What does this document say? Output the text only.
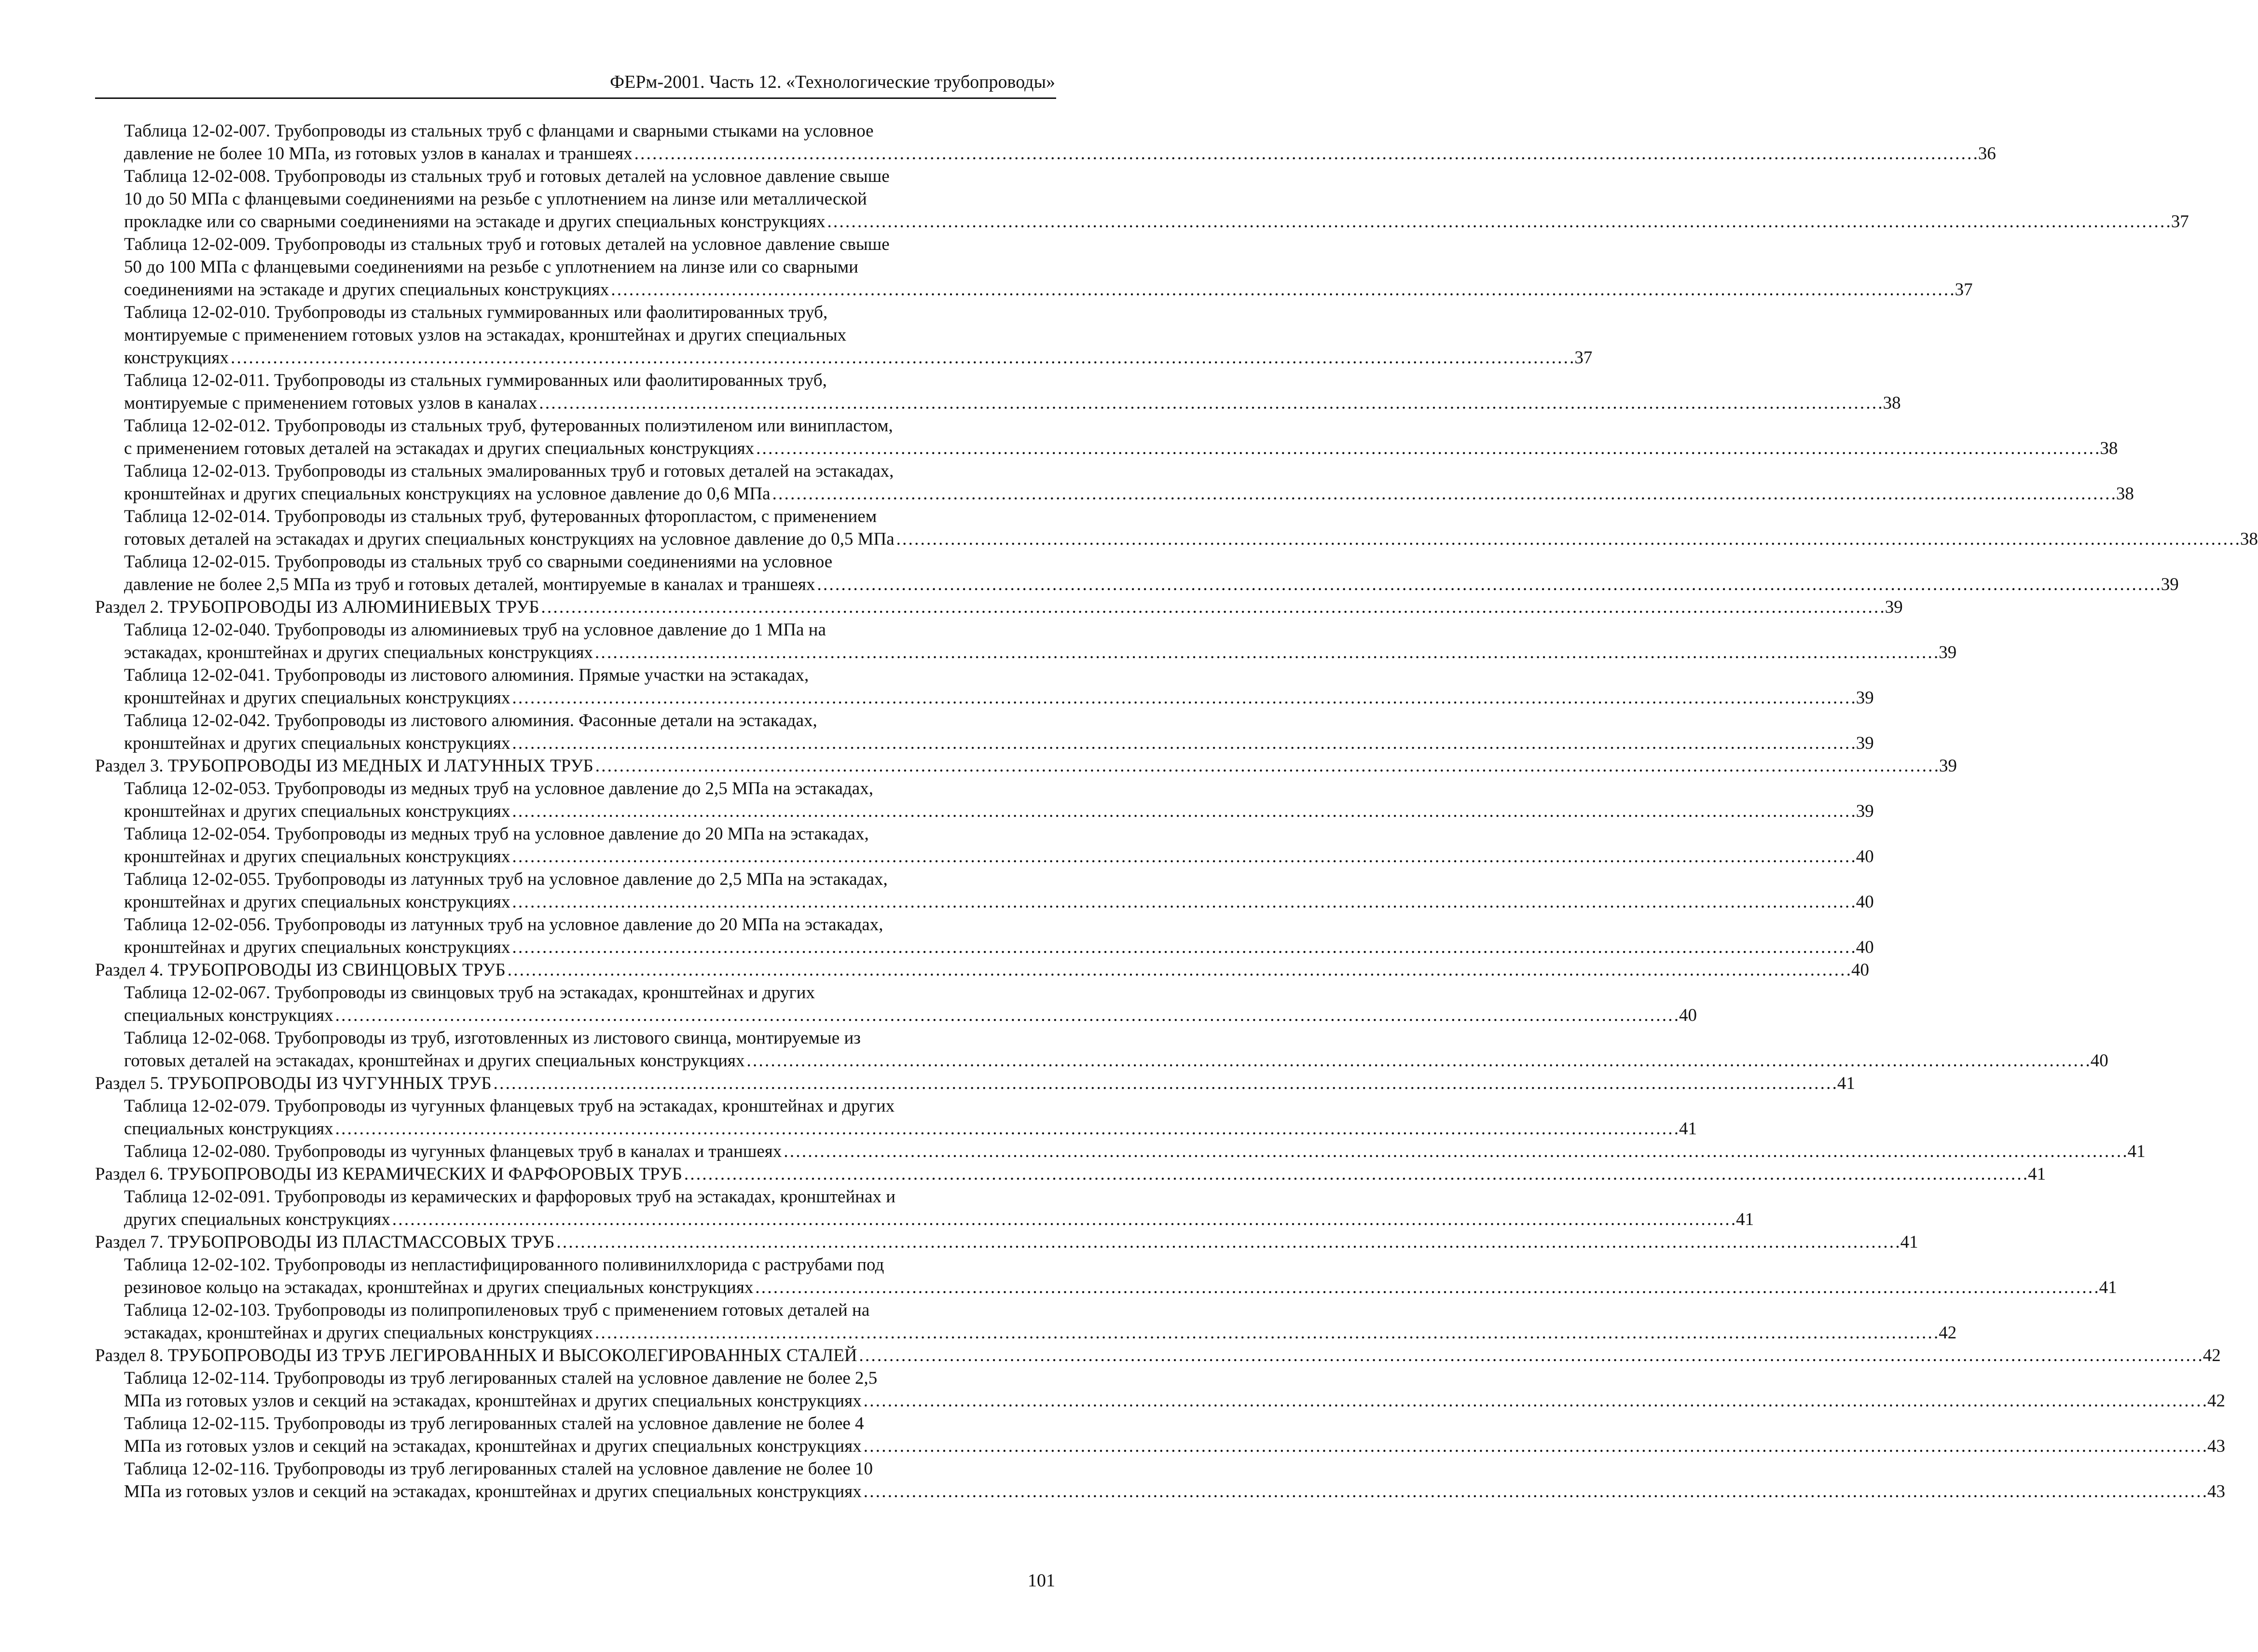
ФЕРм-2001. Часть 12. «Технологические трубопроводы»
Таблица 12-02-007. Трубопроводы из стальных труб с фланцами и сварными стыками на условное
давление не более 10 МПа, из готовых узлов в каналах и траншеях . . .	36
Таблица 12-02-008. Трубопроводы из стальных труб и готовых деталей на условное давление свыше
10 до 50 МПа с фланцевыми соединениями на резьбе с уплотнением на линзе или металлической
прокладке или со сварными соединениями на эстакаде и других специальных конструкциях . . .	37
Таблица 12-02-009. Трубопроводы из стальных труб и готовых деталей на условное давление свыше
50 до 100 МПа с фланцевыми соединениями на резьбе с уплотнением на линзе или со сварными
соединениями на эстакаде и других специальных конструкциях . . .	37
Таблица 12-02-010. Трубопроводы из стальных гуммированных или фаолитированных труб,
монтируемые с применением готовых узлов на эстакадах, кронштейнах и других специальных
конструкциях . . .	37
Таблица 12-02-011. Трубопроводы из стальных гуммированных или фаолитированных труб,
монтируемые с применением готовых узлов в каналах . . .	38
Таблица 12-02-012. Трубопроводы из стальных труб, футерованных полиэтиленом или винипластом,
с применением готовых деталей на эстакадах и других специальных конструкциях . . .	38
Таблица 12-02-013. Трубопроводы из стальных эмалированных труб и готовых деталей на эстакадах,
кронштейнах и других специальных конструкциях на условное давление до 0,6 МПа . . .	38
Таблица 12-02-014. Трубопроводы из стальных труб, футерованных фторопластом, с применением
готовых деталей на эстакадах и других специальных конструкциях на условное давление до 0,5 МПа . . .	38
Таблица 12-02-015. Трубопроводы из стальных труб со сварными соединениями на условное
давление не более 2,5 МПа из труб и готовых деталей, монтируемые в каналах и траншеях . . .	39
Раздел 2. ТРУБОПРОВОДЫ ИЗ АЛЮМИНИЕВЫХ ТРУБ . . .	39
Таблица 12-02-040. Трубопроводы из алюминиевых труб на условное давление до 1 МПа на
эстакадах, кронштейнах и других специальных конструкциях . . .	39
Таблица 12-02-041. Трубопроводы из листового алюминия. Прямые участки на эстакадах,
кронштейнах и других специальных конструкциях . . .	39
Таблица 12-02-042. Трубопроводы из листового алюминия. Фасонные детали на эстакадах,
кронштейнах и других специальных конструкциях . . .	39
Раздел 3. ТРУБОПРОВОДЫ ИЗ МЕДНЫХ И ЛАТУННЫХ ТРУБ . . .	39
Таблица 12-02-053. Трубопроводы из медных труб на условное давление до 2,5 МПа на эстакадах,
кронштейнах и других специальных конструкциях . . .	39
Таблица 12-02-054. Трубопроводы из медных труб на условное давление до 20 МПа на эстакадах,
кронштейнах и других специальных конструкциях . . .	40
Таблица 12-02-055. Трубопроводы из латунных труб на условное давление до 2,5 МПа на эстакадах,
кронштейнах и других специальных конструкциях . . .	40
Таблица 12-02-056. Трубопроводы из латунных труб на условное давление до 20 МПа на эстакадах,
кронштейнах и других специальных конструкциях . . .	40
Раздел 4. ТРУБОПРОВОДЫ ИЗ СВИНЦОВЫХ ТРУБ . . .	40
Таблица 12-02-067. Трубопроводы из свинцовых труб на эстакадах, кронштейнах и других
специальных конструкциях . . .	40
Таблица 12-02-068. Трубопроводы из труб, изготовленных из листового свинца, монтируемые из
готовых деталей на эстакадах, кронштейнах и других специальных конструкциях . . .	40
Раздел 5. ТРУБОПРОВОДЫ ИЗ ЧУГУННЫХ ТРУБ . . .	41
Таблица 12-02-079. Трубопроводы из чугунных фланцевых труб на эстакадах, кронштейнах и других
специальных конструкциях . . .	41
Таблица 12-02-080. Трубопроводы из чугунных фланцевых труб в каналах и траншеях . . .	41
Раздел 6. ТРУБОПРОВОДЫ ИЗ КЕРАМИЧЕСКИХ И ФАРФОРОВЫХ ТРУБ . . .	41
Таблица 12-02-091. Трубопроводы из керамических и фарфоровых труб на эстакадах, кронштейнах и
других специальных конструкциях . . .	41
Раздел 7. ТРУБОПРОВОДЫ ИЗ ПЛАСТМАССОВЫХ ТРУБ . . .	41
Таблица 12-02-102. Трубопроводы из непластифицированного поливинилхлорида с раструбами под
резиновое кольцо на эстакадах, кронштейнах и других специальных конструкциях . . .	41
Таблица 12-02-103. Трубопроводы из полипропиленовых труб с применением готовых деталей на
эстакадах, кронштейнах и других специальных конструкциях . . .	42
Раздел 8. ТРУБОПРОВОДЫ ИЗ ТРУБ ЛЕГИРОВАННЫХ И ВЫСОКОЛЕГИРОВАННЫХ СТАЛЕЙ . . .	42
Таблица 12-02-114. Трубопроводы из труб легированных сталей на условное давление не более 2,5
МПа из готовых узлов и секций на эстакадах, кронштейнах и других специальных конструкциях . . .	42
Таблица 12-02-115. Трубопроводы из труб легированных сталей на условное давление не более 4
МПа из готовых узлов и секций на эстакадах, кронштейнах и других специальных конструкциях . . .	43
Таблица 12-02-116. Трубопроводы из труб легированных сталей на условное давление не более 10
МПа из готовых узлов и секций на эстакадах, кронштейнах и других специальных конструкциях . . .	43
101
